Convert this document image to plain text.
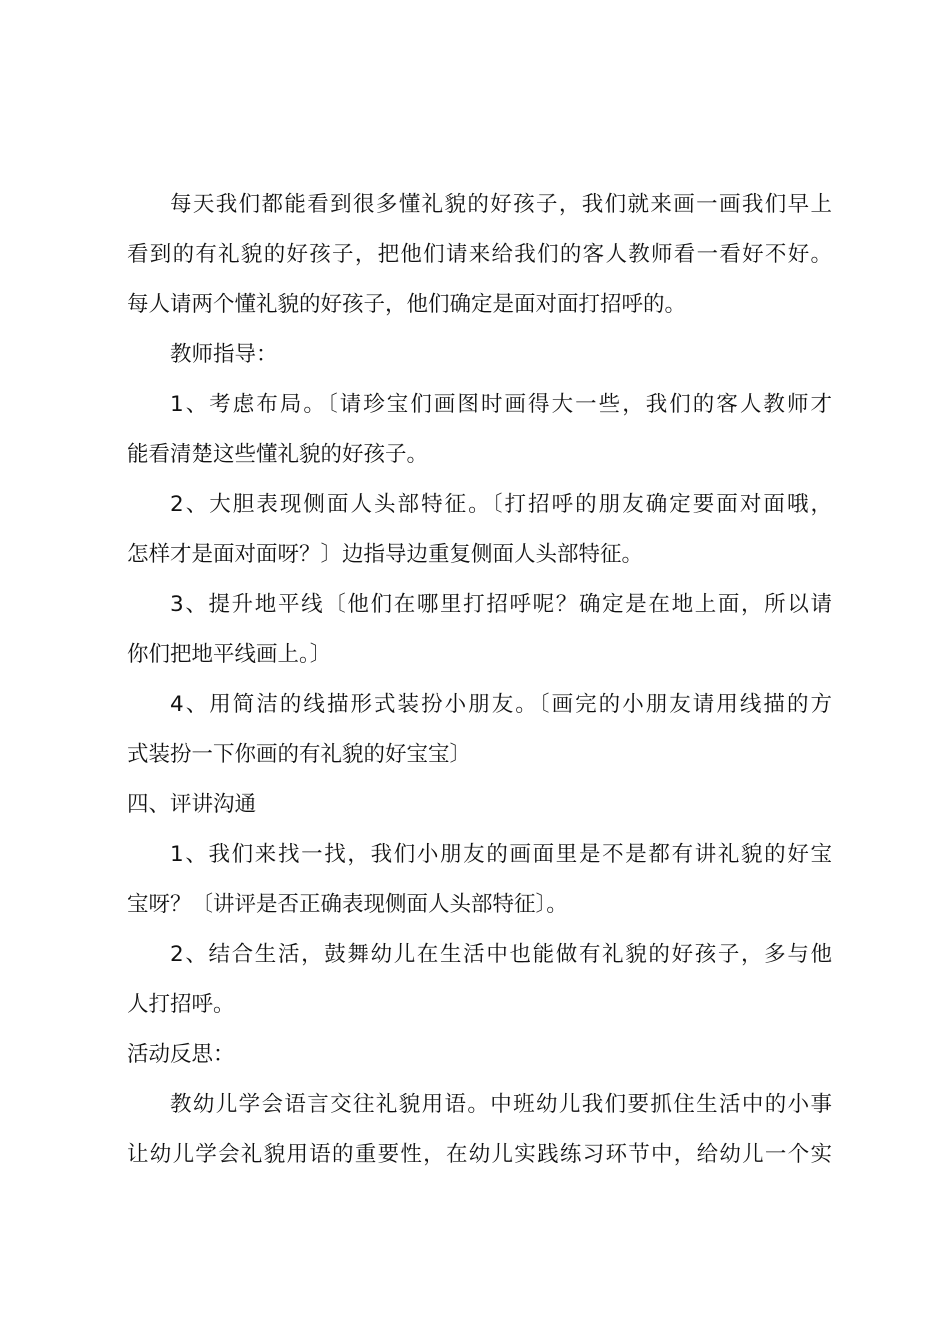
每天我们都能看到很多懂礼貌的好孩子，我们就来画一画我们早上
看到的有礼貌的好孩子，把他们请来给我们的客人教师看一看好不好。
每人请两个懂礼貌的好孩子，他们确定是面对面打招呼的。
教师指导：
1、考虑布局。〔请珍宝们画图时画得大一些，我们的客人教师才
能看清楚这些懂礼貌的好孩子。
2、大胆表现侧面人头部特征。〔打招呼的朋友确定要面对面哦，
怎样才是面对面呀？〕边指导边重复侧面人头部特征。
3、提升地平线〔他们在哪里打招呼呢？确定是在地上面，所以请
你们把地平线画上。〕
4、用简洁的线描形式装扮小朋友。〔画完的小朋友请用线描的方
式装扮一下你画的有礼貌的好宝宝〕
四、评讲沟通
1、我们来找一找，我们小朋友的画面里是不是都有讲礼貌的好宝
宝呀？〔讲评是否正确表现侧面人头部特征〕。
2、结合生活，鼓舞幼儿在生活中也能做有礼貌的好孩子，多与他
人打招呼。
活动反思：
教幼儿学会语言交往礼貌用语。中班幼儿我们要抓住生活中的小事
让幼儿学会礼貌用语的重要性，在幼儿实践练习环节中，给幼儿一个实
